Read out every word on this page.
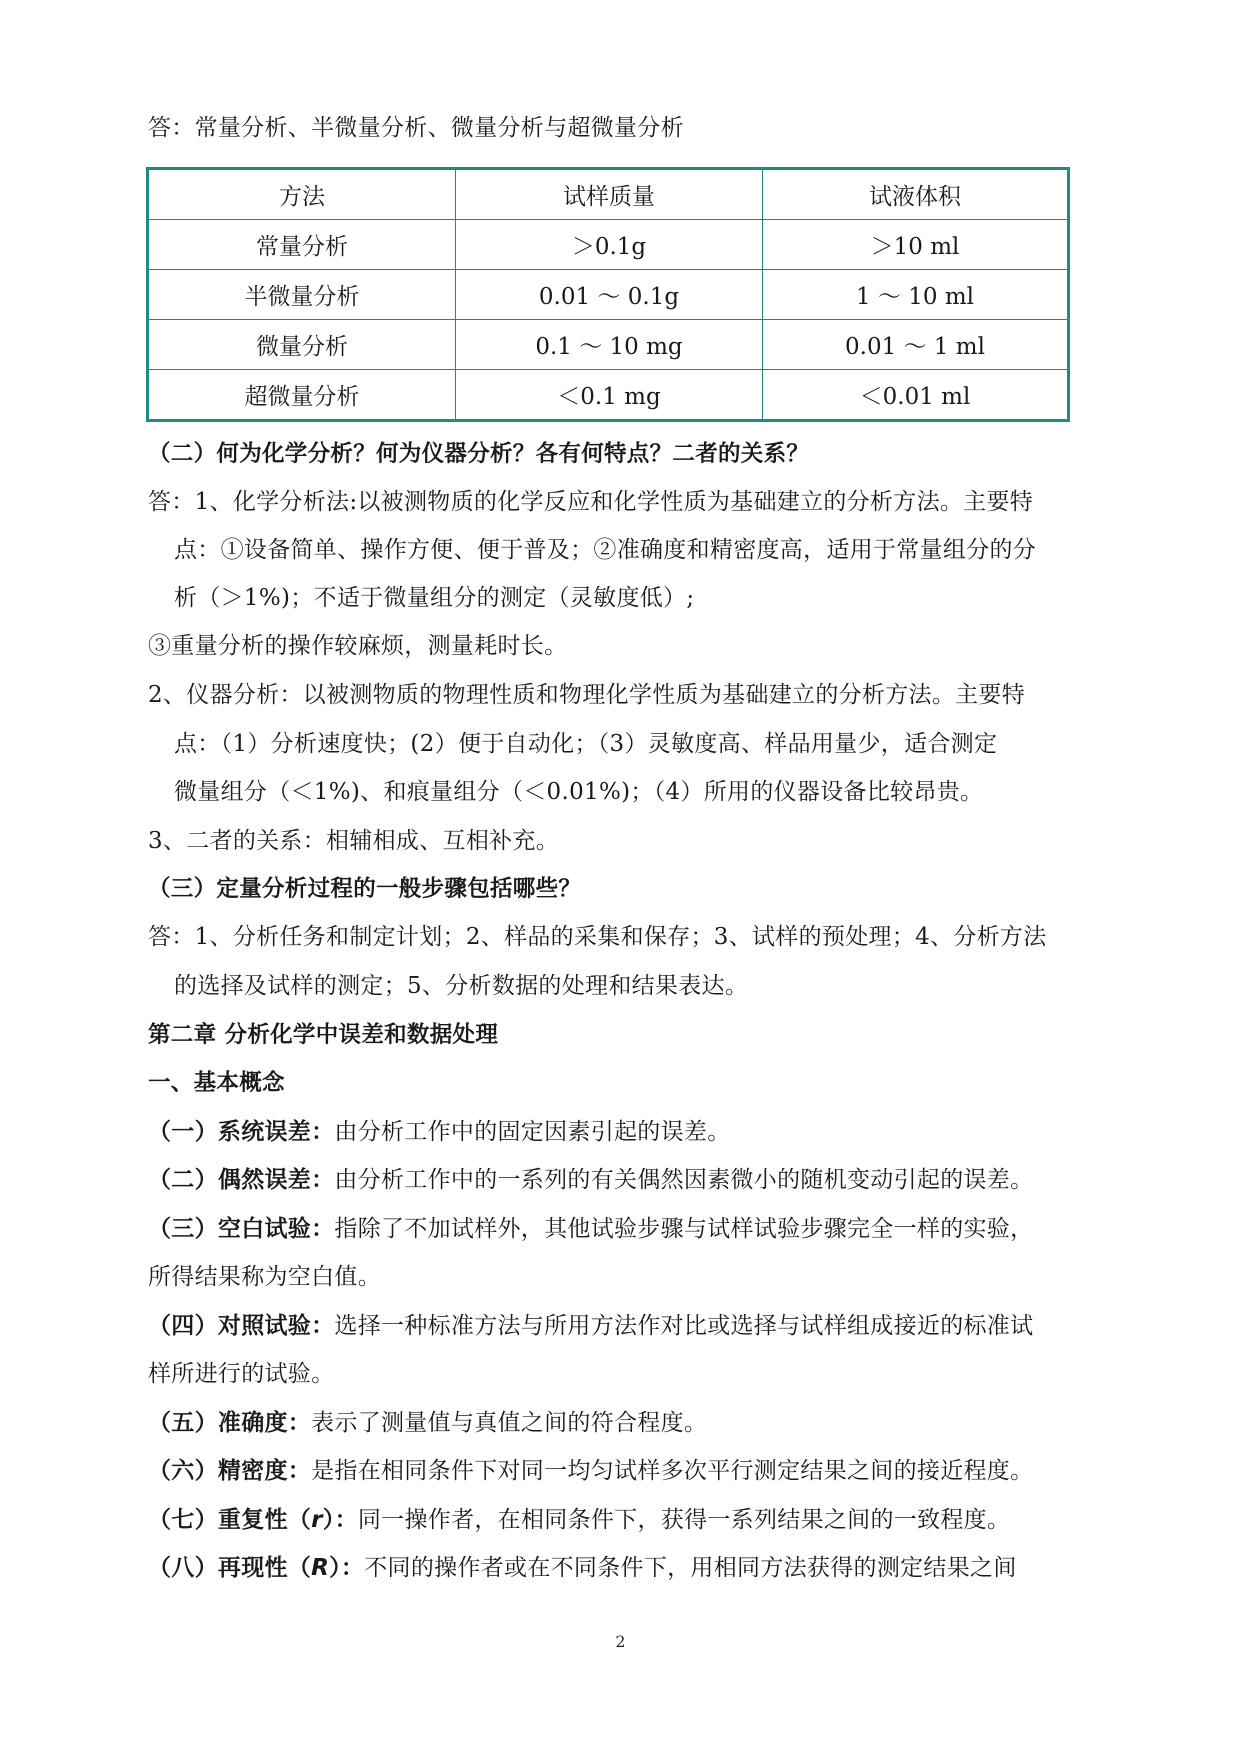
答：常量分析、半微量分析、微量分析与超微量分析
方法	试样质量	试液体积
常量分析	＞0.1g	＞10 ml
半微量分析	0.01 ～ 0.1g	1 ～ 10 ml
微量分析	0.1 ～ 10 mg	0.01 ～ 1 ml
超微量分析	＜0.1 mg	＜0.01 ml
（二）何为化学分析？何为仪器分析？各有何特点？二者的关系？
答：1、化学分析法:以被测物质的化学反应和化学性质为基础建立的分析方法。主要特
点：①设备简单、操作方便、便于普及；②准确度和精密度高，适用于常量组分的分
析（＞1%)；不适于微量组分的测定（灵敏度低）;
③重量分析的操作较麻烦，测量耗时长。
2、仪器分析：以被测物质的物理性质和物理化学性质为基础建立的分析方法。主要特
点：（1）分析速度快；(2）便于自动化；（3）灵敏度高、样品用量少，适合测定
微量组分（＜1%)、和痕量组分（＜0.01%)；（4）所用的仪器设备比较昂贵。
3、二者的关系：相辅相成、互相补充。
（三）定量分析过程的一般步骤包括哪些？
答：1、分析任务和制定计划；2、样品的采集和保存；3、试样的预处理；4、分析方法
的选择及试样的测定；5、分析数据的处理和结果表达。
第二章 分析化学中误差和数据处理
一、基本概念
（一）系统误差：由分析工作中的固定因素引起的误差。
（二）偶然误差：由分析工作中的一系列的有关偶然因素微小的随机变动引起的误差。
（三）空白试验：指除了不加试样外，其他试验步骤与试样试验步骤完全一样的实验，
所得结果称为空白值。
（四）对照试验：选择一种标准方法与所用方法作对比或选择与试样组成接近的标准试
样所进行的试验。
（五）准确度：表示了测量值与真值之间的符合程度。
（六）精密度：是指在相同条件下对同一均匀试样多次平行测定结果之间的接近程度。
（七）重复性（r）：同一操作者，在相同条件下，获得一系列结果之间的一致程度。
（八）再现性（R）：不同的操作者或在不同条件下，用相同方法获得的测定结果之间
2
